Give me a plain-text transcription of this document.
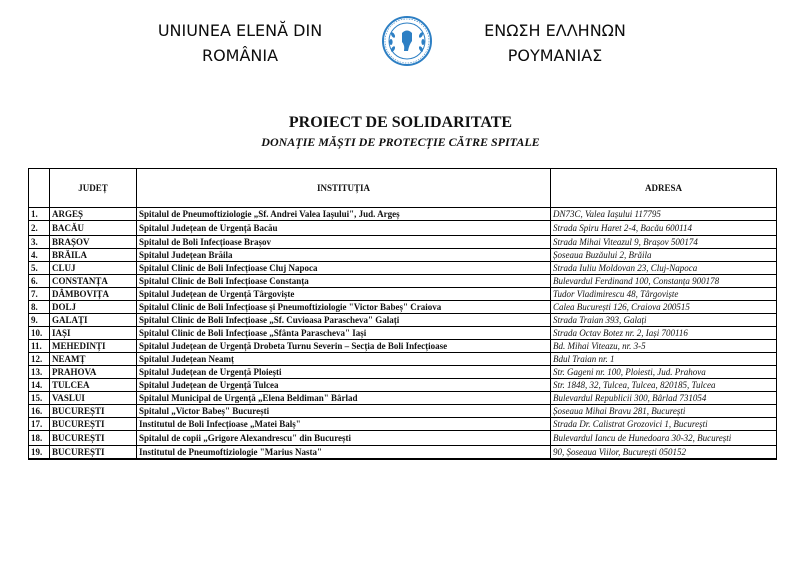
UNIUNEA ELENĂ DIN
ROMÂNIA
ΕΝΩΣΗ ΕΛΛΗΝΩΝ
ΡΟΥΜΑΝΙΑΣ
PROIECT DE SOLIDARITATE
DONAȚIE MĂȘTI DE PROTECȚIE CĂTRE SPITALE
	JUDEȚ	INSTITUȚIA	ADRESA
1.	ARGEȘ	Spitalul de Pneumoftiziologie „Sf. Andrei Valea Iașului", Jud. Argeș	DN73C, Valea Iașului 117795
2.	BACĂU	Spitalul Județean de Urgență Bacău	Strada Spiru Haret 2-4, Bacău 600114
3.	BRAȘOV	Spitalul de Boli Infecțioase Brașov	Strada Mihai Viteazul 9, Brașov 500174
4.	BRĂILA	Spitalul Județean Brăila	Șoseaua Buzăului 2, Brăila
5.	CLUJ	Spitalul Clinic de Boli Infecțioase Cluj Napoca	Strada Iuliu Moldovan 23, Cluj-Napoca
6.	CONSTANȚA	Spitalul Clinic de Boli Infecțioase Constanța	Bulevardul Ferdinand 100, Constanța 900178
7.	DÂMBOVIȚA	Spitalul Județean de Urgență Târgoviște	Tudor Vladimirescu 48, Târgoviște
8.	DOLJ	Spitalul Clinic de Boli Infecțioase și Pneumoftiziologie "Victor Babeș" Craiova	Calea București 126, Craiova 200515
9.	GALAȚI	Spitalul Clinic de Boli Infecțioase „Sf. Cuvioasa Parascheva" Galați	Strada Traian 393, Galați
10.	IAȘI	Spitalul Clinic de Boli Infecțioase „Sfânta Parascheva" Iași	Strada Octav Botez nr. 2, Iași 700116
11.	MEHEDINȚI	Spitalul Județean de Urgență Drobeta Turnu Severin – Secția de Boli Infecțioase	Bd. Mihai Viteazu, nr. 3-5
12.	NEAMȚ	Spitalul Județean Neamț	Bdul Traian nr. 1
13.	PRAHOVA	Spitalul Județean de Urgență Ploiești	Str. Gageni nr. 100, Ploiesti, Jud. Prahova
14.	TULCEA	Spitalul Județean de Urgență Tulcea	Str. 1848, 32, Tulcea, Tulcea, 820185, Tulcea
15.	VASLUI	Spitalul Municipal de Urgență „Elena Beldiman" Bârlad	Bulevardul Republicii 300, Bârlad 731054
16.	BUCUREȘTI	Spitalul „Victor Babeș" București	Șoseaua Mihai Bravu 281, București
17.	BUCUREȘTI	Institutul de Boli Infecțioase „Matei Balș"	Strada Dr. Calistrat Grozovici 1, București
18.	BUCUREȘTI	Spitalul de copii „Grigore Alexandrescu" din București	Bulevardul Iancu de Hunedoara 30-32, București
19.	BUCUREȘTI	Institutul de Pneumoftiziologie "Marius Nasta"	90, Șoseaua Viilor, București 050152
